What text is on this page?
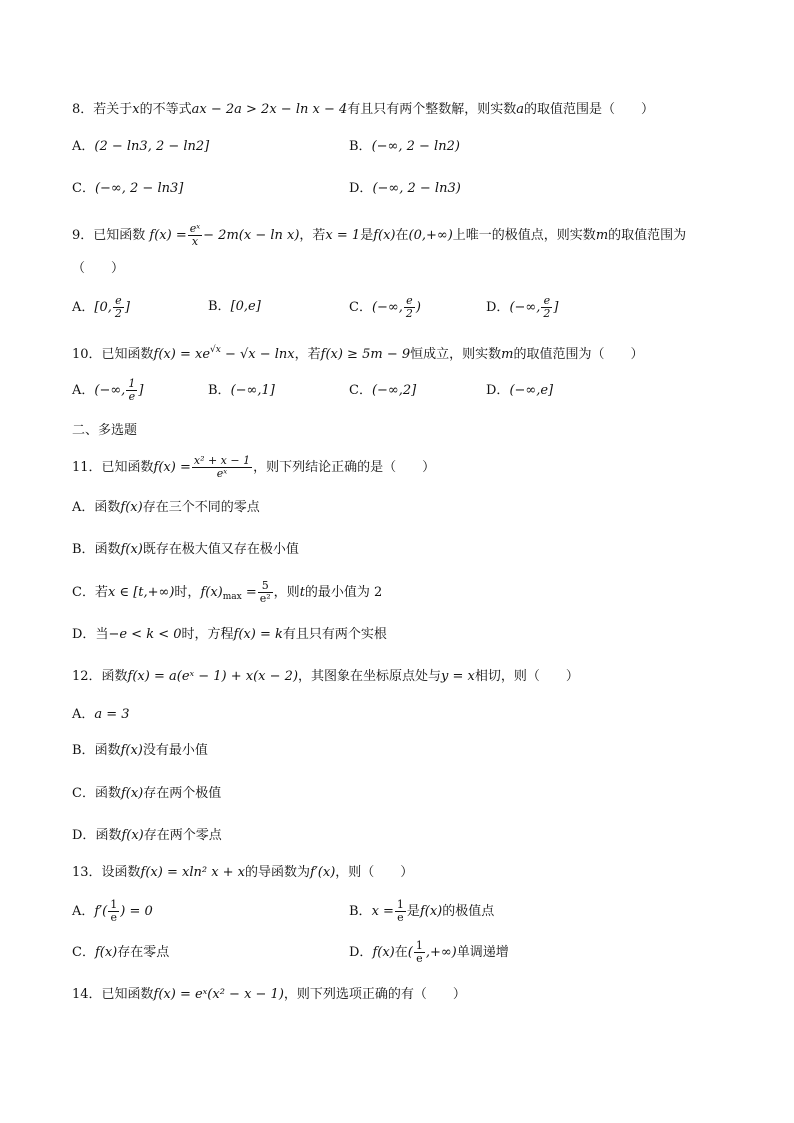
8．若关于x的不等式ax − 2a > 2x − ln x − 4有且只有两个整数解，则实数a的取值范围是（　　）
A．(2 − ln3, 2 − ln2]	B．(−∞, 2 − ln2)
C．(−∞, 2 − ln3]	D．(−∞, 2 − ln3)
9．已知函数 $f(x) = \frac{\text{eˣ}}{x} - 2m(x - \ln x)$，若x = 1是f(x)在(0,+∞)上唯一的极值点，则实数m的取值范围为
（　　）
A．[0, $\frac{e}{2}$ ]	B．[0,e]	C．(−∞, $\frac{e}{2}$ )	D．(−∞, $\frac{e}{2}$ ]
10．已知函数$f(x) = xe^{√x} - √x - \ln x$，若f(x) ≥ 5m − 9恒成立，则实数m的取值范围为（　　）
A．(−∞, $\frac{1}{e}$ ]	B．(−∞,1]	C．(−∞,2]	D．(−∞,e]
二、多选题
11．已知函数$f(x) = \frac{\text{x² + x − 1}}{\text{eˣ}}$ ，则下列结论正确的是（　　）
A．函数f(x)存在三个不同的零点
B．函数f(x)既存在极大值又存在极小值
C．若x ∈ [t,+∞)时，$f(x)_{max} = \frac{5}{\text{e²}}$ ，则t的最小值为 2
D．当−e < k < 0时，方程f(x) = k有且只有两个实根
12．函数f(x) = a(eˣ − 1) + x(x − 2)，其图象在坐标原点处与y = x相切，则（　　）
A．a = 3
B．函数f(x)没有最小值
C．函数f(x)存在两个极值
D．函数f(x)存在两个零点
13．设函数f(x) = xln² x + x的导函数为f′(x)，则（　　）
A．$f'( \frac{1}{e}$ ) = 0	B．$x = \frac{1}{e}$ 是f(x)的极值点
C．f(x)存在零点	D．f(x)在( $\frac{1}{e}$ ,+∞)单调递增
14．已知函数f(x) = eˣ(x² − x − 1)，则下列选项正确的有（　　）
